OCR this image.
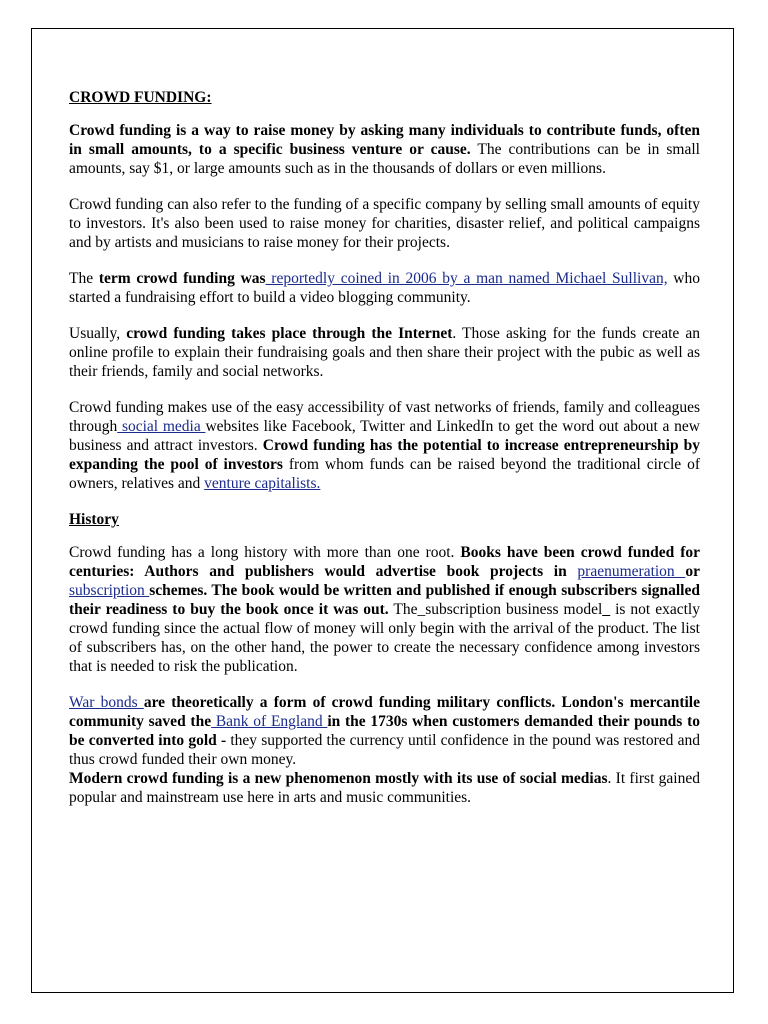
CROWD FUNDING:

Crowd funding is a way to raise money by asking many individuals to contribute funds, often in small amounts, to a specific business venture or cause. The contributions can be in small amounts, say $1, or large amounts such as in the thousands of dollars or even millions.

Crowd funding can also refer to the funding of a specific company by selling small amounts of equity to investors. It's also been used to raise money for charities, disaster relief, and political campaigns and by artists and musicians to raise money for their projects.

The term crowd funding was reportedly coined in 2006 by a man named Michael Sullivan, who started a fundraising effort to build a video blogging community.

Usually, crowd funding takes place through the Internet. Those asking for the funds create an online profile to explain their fundraising goals and then share their project with the pubic as well as their friends, family and social networks.

Crowd funding makes use of the easy accessibility of vast networks of friends, family and colleagues through social media websites like Facebook, Twitter and LinkedIn to get the word out about a new business and attract investors. Crowd funding has the potential to increase entrepreneurship by expanding the pool of investors from whom funds can be raised beyond the traditional circle of owners, relatives and venture capitalists.

History

Crowd funding has a long history with more than one root. Books have been crowd funded for centuries: Authors and publishers would advertise book projects in praenumeration or subscription schemes. The book would be written and published if enough subscribers signalled their readiness to buy the book once it was out. The_subscription business model_ is not exactly crowd funding since the actual flow of money will only begin with the arrival of the product. The list of subscribers has, on the other hand, the power to create the necessary confidence among investors that is needed to risk the publication.

War bonds are theoretically a form of crowd funding military conflicts. London's mercantile community saved the Bank of England in the 1730s when customers demanded their pounds to be converted into gold - they supported the currency until confidence in the pound was restored and thus crowd funded their own money.

Modern crowd funding is a new phenomenon mostly with its use of social medias. It first gained popular and mainstream use here in arts and music communities.
